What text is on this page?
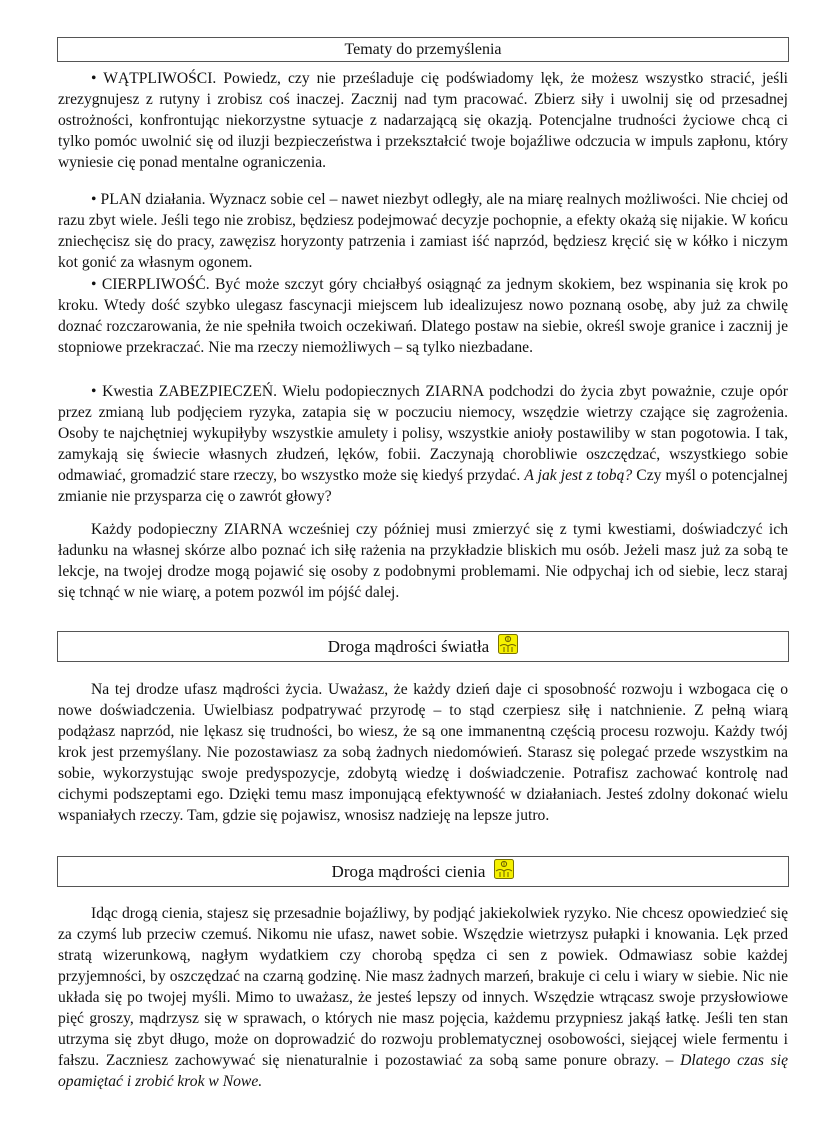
Tematy do przemyślenia

• WĄTPLIWOŚCI. Powiedz, czy nie prześladuje cię podświadomy lęk, że możesz wszystko stracić, jeśli zrezygnujesz z rutyny i zrobisz coś inaczej. Zacznij nad tym pracować. Zbierz siły i uwolnij się od przesadnej ostrożności, konfrontując niekorzystne sytuacje z nadarzającą się okazją. Potencjalne trudności życiowe chcą ci tylko pomóc uwolnić się od iluzji bezpieczeństwa i przekształcić twoje bojaźliwe odczucia w impuls zapłonu, który wyniesie cię ponad mentalne ograniczenia.

• PLAN działania. Wyznacz sobie cel – nawet niezbyt odległy, ale na miarę realnych możliwości. Nie chciej od razu zbyt wiele. Jeśli tego nie zrobisz, będziesz podejmować decyzje pochopnie, a efekty okażą się nijakie. W końcu zniechęcisz się do pracy, zawęzisz horyzonty patrzenia i zamiast iść naprzód, będziesz kręcić się w kółko i niczym kot gonić za własnym ogonem.

• CIERPLIWOŚĆ. Być może szczyt góry chciałbyś osiągnąć za jednym skokiem, bez wspinania się krok po kroku. Wtedy dość szybko ulegasz fascynacji miejscem lub idealizujesz nowo poznaną osobę, aby już za chwilę doznać rozczarowania, że nie spełniła twoich oczekiwań. Dlatego postaw na siebie, określ swoje granice i zacznij je stopniowe przekraczać. Nie ma rzeczy niemożliwych – są tylko niezbadane.

• Kwestia ZABEZPIECZEŃ. Wielu podopiecznych ZIARNA podchodzi do życia zbyt poważnie, czuje opór przez zmianą lub podjęciem ryzyka, zatapia się w poczuciu niemocy, wszędzie wietrzy czające się zagrożenia. Osoby te najchętniej wykupiłyby wszystkie amulety i polisy, wszystkie anioły postawiliby w stan pogotowia. I tak, zamykają się świecie własnych złudzeń, lęków, fobii. Zaczynają chorobliwie oszczędzać, wszystkiego sobie odmawiać, gromadzić stare rzeczy, bo wszystko może się kiedyś przydać. A jak jest z tobą? Czy myśl o potencjalnej zmianie nie przysparza cię o zawrót głowy?

Każdy podopieczny ZIARNA wcześniej czy później musi zmierzyć się z tymi kwestiami, doświadczyć ich ładunku na własnej skórze albo poznać ich siłę rażenia na przykładzie bliskich mu osób. Jeżeli masz już za sobą te lekcje, na twojej drodze mogą pojawić się osoby z podobnymi problemami. Nie odpychaj ich od siebie, lecz staraj się tchnąć w nie wiarę, a potem pozwól im pójść dalej.

Droga mądrości światła

Na tej drodze ufasz mądrości życia. Uważasz, że każdy dzień daje ci sposobność rozwoju i wzbogaca cię o nowe doświadczenia. Uwielbiasz podpatrywać przyrodę – to stąd czerpiesz siłę i natchnienie. Z pełną wiarą podążasz naprzód, nie lękasz się trudności, bo wiesz, że są one immanentną częścią procesu rozwoju. Każdy twój krok jest przemyślany. Nie pozostawiasz za sobą żadnych niedomówień. Starasz się polegać przede wszystkim na sobie, wykorzystując swoje predyspozycje, zdobytą wiedzę i doświadczenie. Potrafisz zachować kontrolę nad cichymi podszeptami ego. Dzięki temu masz imponującą efektywność w działaniach. Jesteś zdolny dokonać wielu wspaniałych rzeczy. Tam, gdzie się pojawisz, wnosisz nadzieję na lepsze jutro.

Droga mądrości cienia

Idąc drogą cienia, stajesz się przesadnie bojaźliwy, by podjąć jakiekolwiek ryzyko. Nie chcesz opowiedzieć się za czymś lub przeciw czemuś. Nikomu nie ufasz, nawet sobie. Wszędzie wietrzysz pułapki i knowania. Lęk przed stratą wizerunkową, nagłym wydatkiem czy chorobą spędza ci sen z powiek. Odmawiasz sobie każdej przyjemności, by oszczędzać na czarną godzinę. Nie masz żadnych marzeń, brakuje ci celu i wiary w siebie. Nic nie układa się po twojej myśli. Mimo to uważasz, że jesteś lepszy od innych. Wszędzie wtrącasz swoje przysłowiowe pięć groszy, mądrzysz się w sprawach, o których nie masz pojęcia, każdemu przypniesz jakąś łatkę. Jeśli ten stan utrzyma się zbyt długo, może on doprowadzić do rozwoju problematycznej osobowości, siejącej wiele fermentu i fałszu. Zaczniesz zachowywać się nienaturalnie i pozostawiać za sobą same ponure obrazy. – Dlatego czas się opamiętać i zrobić krok w Nowe.
